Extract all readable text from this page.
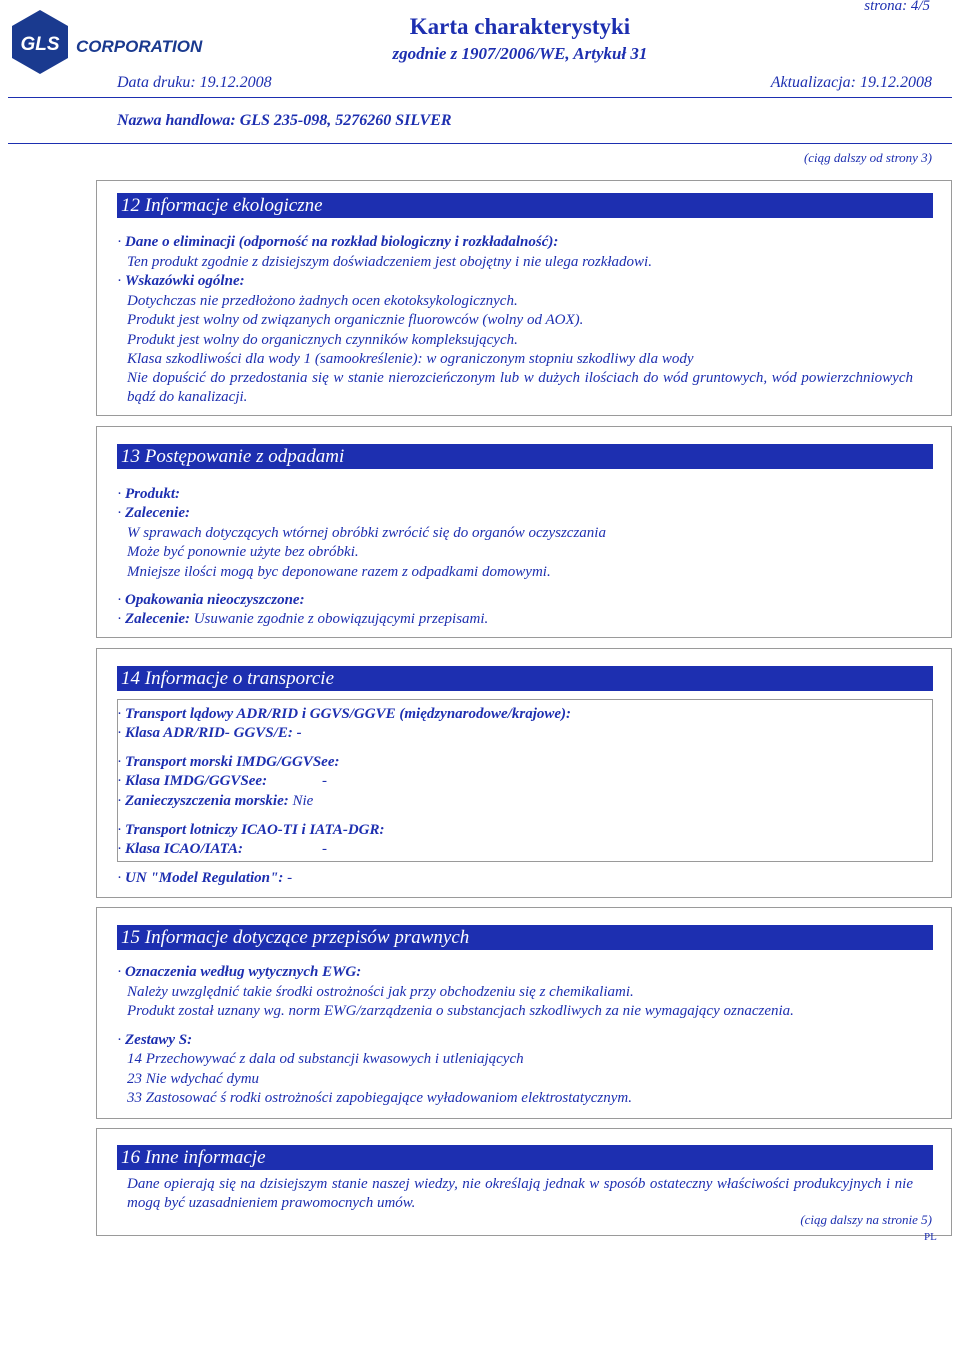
GLS CORPORATION
Karta charakterystyki
zgodnie z 1907/2006/WE, Artykuł 31
strona: 4/5
Data druku: 19.12.2008	Aktualizacja: 19.12.2008
Nazwa handlowa: GLS 235-098, 5276260 SILVER
(ciąg dalszy od strony 3)
12 Informacje ekologiczne
· Dane o eliminacji (odporność na rozkład biologiczny i rozkładalność):
Ten produkt zgodnie z dzisiejszym doświadczeniem jest obojętny i nie ulega rozkładowi.
· Wskazówki ogólne:
Dotychczas nie przedłożono żadnych ocen ekotoksykologicznych.
Produkt jest wolny od związanych organicznie fluorowców (wolny od AOX).
Produkt jest wolny do organicznych czynników kompleksujących.
Klasa szkodliwości dla wody 1 (samookreślenie): w ograniczonym stopniu szkodliwy dla wody
Nie dopuścić do przedostania się w stanie nierozcieńczonym lub w dużych ilościach do wód gruntowych, wód powierzchniowych bądź do kanalizacji.
13 Postępowanie z odpadami
· Produkt:
· Zalecenie:
W sprawach dotyczących wtórnej obróbki zwrócić się do organów oczyszczania
Może być ponownie użyte bez obróbki.
Mniejsze ilości mogą byc deponowane razem z odpadkami domowymi.
· Opakowania nieoczyszczone:
· Zalecenie: Usuwanie zgodnie z obowiązującymi przepisami.
14 Informacje o transporcie
· Transport lądowy ADR/RID i GGVS/GGVE (międzynarodowe/krajowe):
· Klasa ADR/RID- GGVS/E: -
· Transport morski IMDG/GGVSee:
· Klasa IMDG/GGVSee:	-
· Zanieczyszczenia morskie: Nie
· Transport lotniczy ICAO-TI i IATA-DGR:
· Klasa ICAO/IATA:	-
· UN "Model Regulation": -
15 Informacje dotyczące przepisów prawnych
· Oznaczenia według wytycznych EWG:
Należy uwzględnić takie środki ostrożności jak przy obchodzeniu się z chemikaliami.
Produkt został uznany wg. norm EWG/zarządzenia o substancjach szkodliwych za nie wymagający oznaczenia.
· Zestawy S:
14 Przechowywać z dala od substancji kwasowych i utleniających
23 Nie wdychać dymu
33 Zastosować ś rodki ostrożności zapobiegające wyładowaniom elektrostatycznym.
16 Inne informacje
Dane opierają się na dzisiejszym stanie naszej wiedzy, nie określają jednak w sposób ostateczny właściwości produkcyjnych i nie mogą być uzasadnieniem prawomocnych umów.
(ciąg dalszy na stronie 5)
PL
